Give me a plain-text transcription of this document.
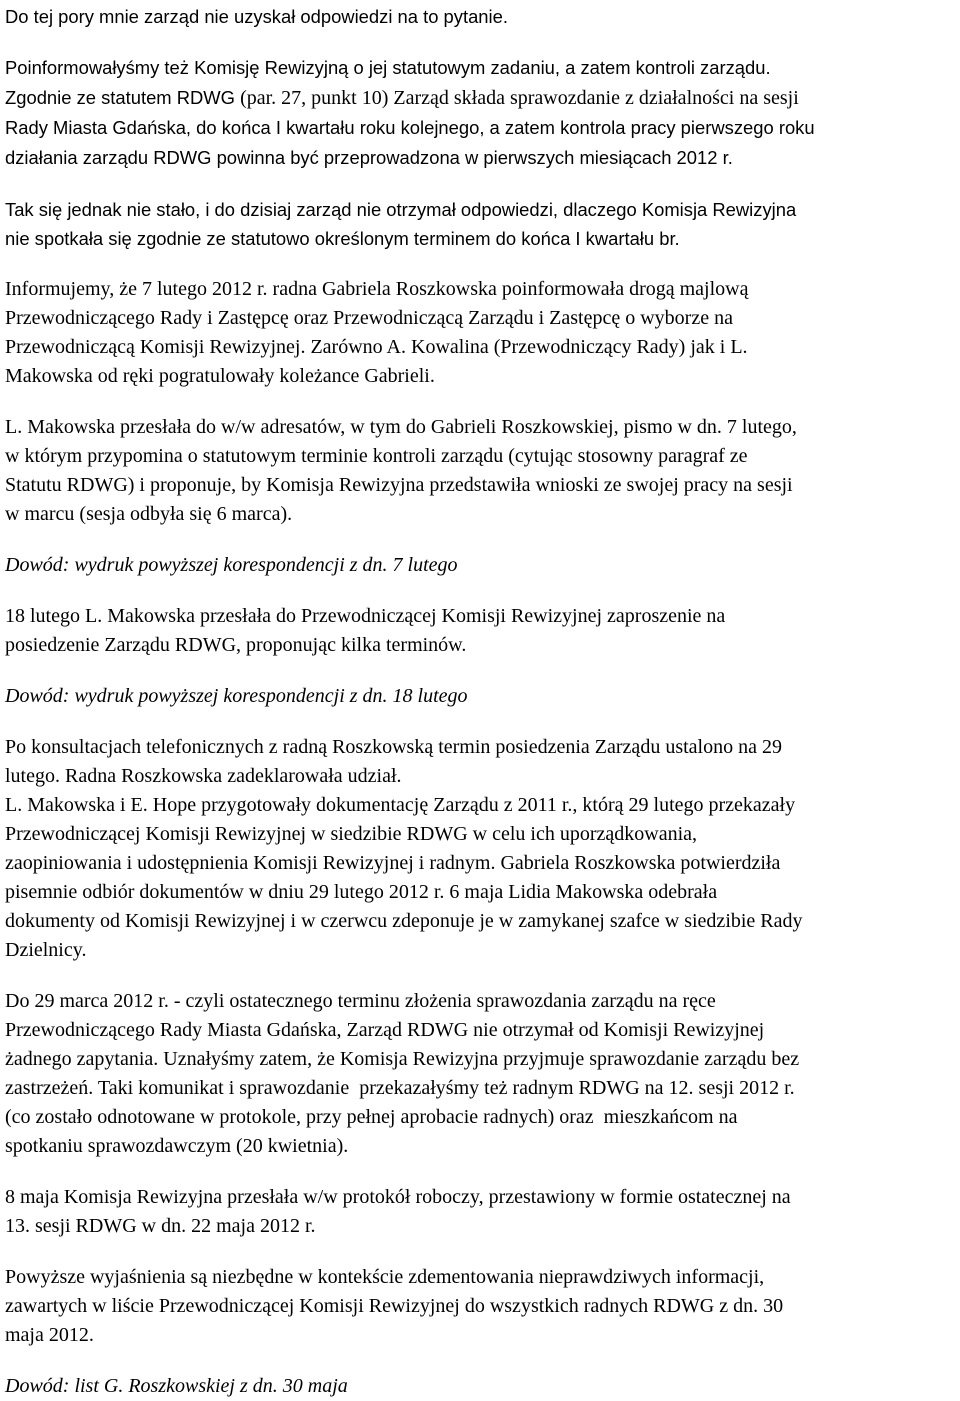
Do tej pory mnie zarząd nie uzyskał odpowiedzi na to pytanie.
Poinformowałyśmy też Komisję Rewizyjną o jej statutowym zadaniu, a zatem kontroli zarządu.
Zgodnie ze statutem RDWG (par. 27, punkt 10) Zarząd składa sprawozdanie z działalności na sesji
Rady Miasta Gdańska, do końca I kwartału roku kolejnego, a zatem kontrola pracy pierwszego roku
działania zarządu RDWG powinna być przeprowadzona w pierwszych miesiącach 2012 r.
Tak się jednak nie stało, i do dzisiaj zarząd nie otrzymał odpowiedzi, dlaczego Komisja Rewizyjna
nie spotkała się zgodnie ze statutowo określonym terminem do końca I kwartału br.
Informujemy, że 7 lutego 2012 r. radna Gabriela Roszkowska poinformowała drogą majlową
Przewodniczącego Rady i Zastępcę oraz Przewodniczącą Zarządu i Zastępcę o wyborze na
Przewodniczącą Komisji Rewizyjnej. Zarówno A. Kowalina (Przewodniczący Rady) jak i L.
Makowska od ręki pogratulowały koleżance Gabrieli.
L. Makowska przesłała do w/w adresatów, w tym do Gabrieli Roszkowskiej, pismo w dn. 7 lutego,
w którym przypomina o statutowym terminie kontroli zarządu (cytując stosowny paragraf ze
Statutu RDWG) i proponuje, by Komisja Rewizyjna przedstawiła wnioski ze swojej pracy na sesji
w marcu (sesja odbyła się 6 marca).
Dowód: wydruk powyższej korespondencji z dn. 7 lutego
18 lutego L. Makowska przesłała do Przewodniczącej Komisji Rewizyjnej zaproszenie na
posiedzenie Zarządu RDWG, proponując kilka terminów.
Dowód: wydruk powyższej korespondencji z dn. 18 lutego
Po konsultacjach telefonicznych z radną Roszkowską termin posiedzenia Zarządu ustalono na 29
lutego. Radna Roszkowska zadeklarowała udział.
L. Makowska i E. Hope przygotowały dokumentację Zarządu z 2011 r., którą 29 lutego przekazały
Przewodniczącej Komisji Rewizyjnej w siedzibie RDWG w celu ich uporządkowania,
zaopiniowania i udostępnienia Komisji Rewizyjnej i radnym. Gabriela Roszkowska potwierdziła
pisemnie odbiór dokumentów w dniu 29 lutego 2012 r. 6 maja Lidia Makowska odebrała
dokumenty od Komisji Rewizyjnej i w czerwcu zdeponuje je w zamykanej szafce w siedzibie Rady
Dzielnicy.
Do 29 marca 2012 r. - czyli ostatecznego terminu złożenia sprawozdania zarządu na ręce
Przewodniczącego Rady Miasta Gdańska, Zarząd RDWG nie otrzymał od Komisji Rewizyjnej
żadnego zapytania. Uznałyśmy zatem, że Komisja Rewizyjna przyjmuje sprawozdanie zarządu bez
zastrzeżeń. Taki komunikat i sprawozdanie  przekazałyśmy też radnym RDWG na 12. sesji 2012 r.
(co zostało odnotowane w protokole, przy pełnej aprobacie radnych) oraz  mieszkańcom na
spotkaniu sprawozdawczym (20 kwietnia).
8 maja Komisja Rewizyjna przesłała w/w protokół roboczy, przestawiony w formie ostatecznej na
13. sesji RDWG w dn. 22 maja 2012 r.
Powyższe wyjaśnienia są niezbędne w kontekście zdementowania nieprawdziwych informacji,
zawartych w liście Przewodniczącej Komisji Rewizyjnej do wszystkich radnych RDWG z dn. 30
maja 2012.
Dowód: list G. Roszkowskiej z dn. 30 maja
